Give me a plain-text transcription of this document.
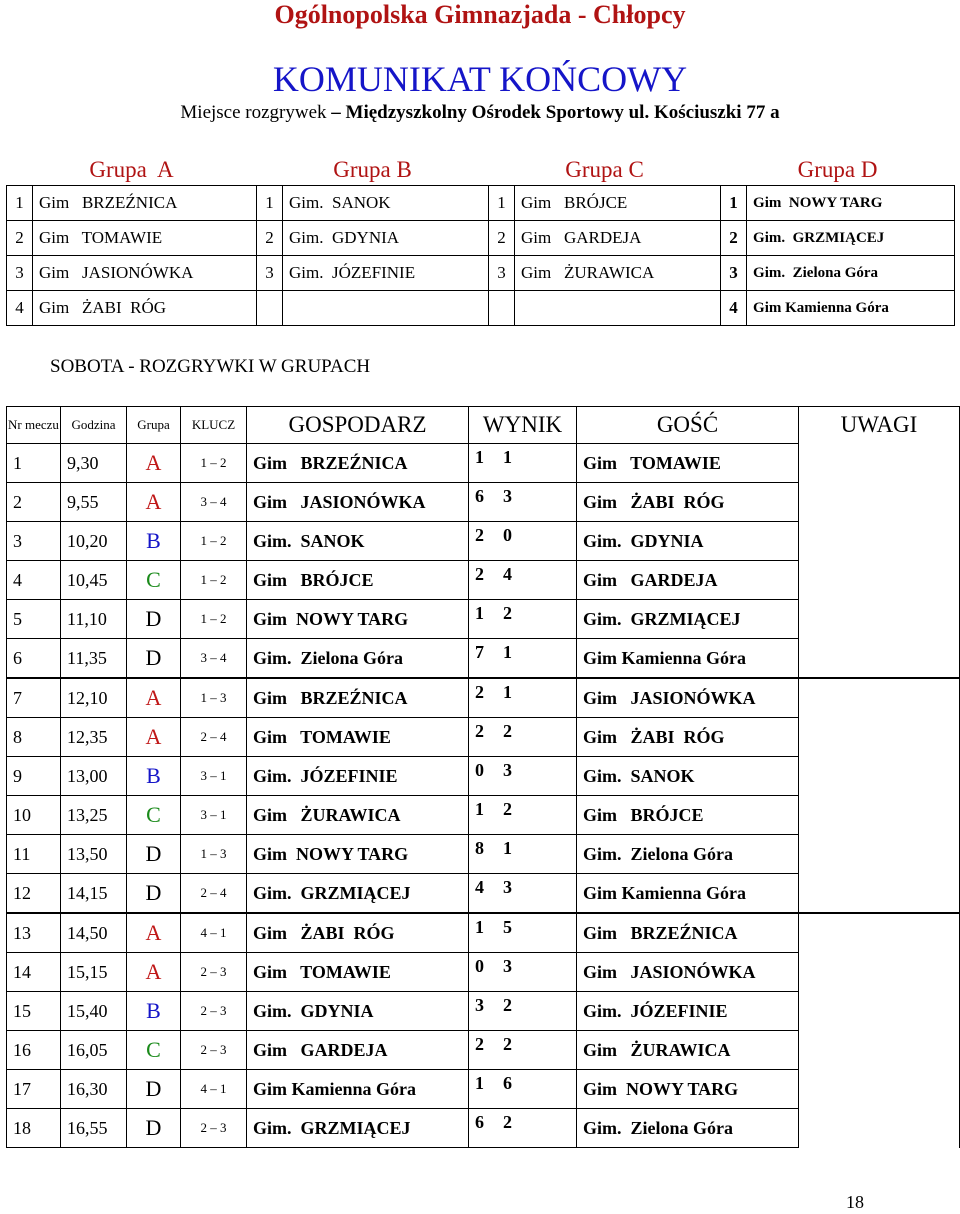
Ogólnopolska Gimnazjada - Chłopcy
KOMUNIKAT KOŃCOWY
Miejsce rozgrywek – Międzyszkolny Ośrodek Sportowy ul. Kościuszki 77 a
Grupa  A		Grupa B		Grupa C		Grupa D	
1	Gim   BRZEŹNICA	1	Gim.  SANOK	1	Gim   BRÓJCE	1	Gim  NOWY TARG
2	Gim   TOMAWIE	2	Gim.  GDYNIA	2	Gim   GARDEJA	2	Gim.  GRZMIĄCEJ
3	Gim   JASIONÓWKA	3	Gim.  JÓZEFINIE	3	Gim   ŻURAWICA	3	Gim.  Zielona Góra
4	Gim   ŻABI  RÓG					4	Gim Kamienna Góra
SOBOTA - ROZGRYWKI W GRUPACH
Nr meczu	Godzina	Grupa	KLUCZ	GOSPODARZ	WYNIK	GOŚĆ	UWAGI
1	9,30	A	1 – 2	Gim   BRZEŹNICA	1 1	Gim   TOMAWIE	
2	9,55	A	3 – 4	Gim   JASIONÓWKA	6 3	Gim   ŻABI  RÓG	
3	10,20	B	1 – 2	Gim.  SANOK	2 0	Gim.  GDYNIA	
4	10,45	C	1 – 2	Gim   BRÓJCE	2 4	Gim   GARDEJA	
5	11,10	D	1 – 2	Gim  NOWY TARG	1 2	Gim.  GRZMIĄCEJ	
6	11,35	D	3 – 4	Gim.  Zielona Góra	7 1	Gim Kamienna Góra	
7	12,10	A	1 – 3	Gim   BRZEŹNICA	2 1	Gim   JASIONÓWKA	
8	12,35	A	2 – 4	Gim   TOMAWIE	2 2	Gim   ŻABI  RÓG	
9	13,00	B	3 – 1	Gim.  JÓZEFINIE	0 3	Gim.  SANOK	
10	13,25	C	3 – 1	Gim   ŻURAWICA	1 2	Gim   BRÓJCE	
11	13,50	D	1 – 3	Gim  NOWY TARG	8 1	Gim.  Zielona Góra	
12	14,15	D	2 – 4	Gim.  GRZMIĄCEJ	4 3	Gim Kamienna Góra	
13	14,50	A	4 – 1	Gim   ŻABI  RÓG	1 5	Gim   BRZEŹNICA	
14	15,15	A	2 – 3	Gim   TOMAWIE	0 3	Gim   JASIONÓWKA	
15	15,40	B	2 – 3	Gim.  GDYNIA	3 2	Gim.  JÓZEFINIE	
16	16,05	C	2 – 3	Gim   GARDEJA	2 2	Gim   ŻURAWICA	
17	16,30	D	4 – 1	Gim Kamienna Góra	1 6	Gim  NOWY TARG	
18	16,55	D	2 – 3	Gim.  GRZMIĄCEJ	6 2	Gim.  Zielona Góra	
18
